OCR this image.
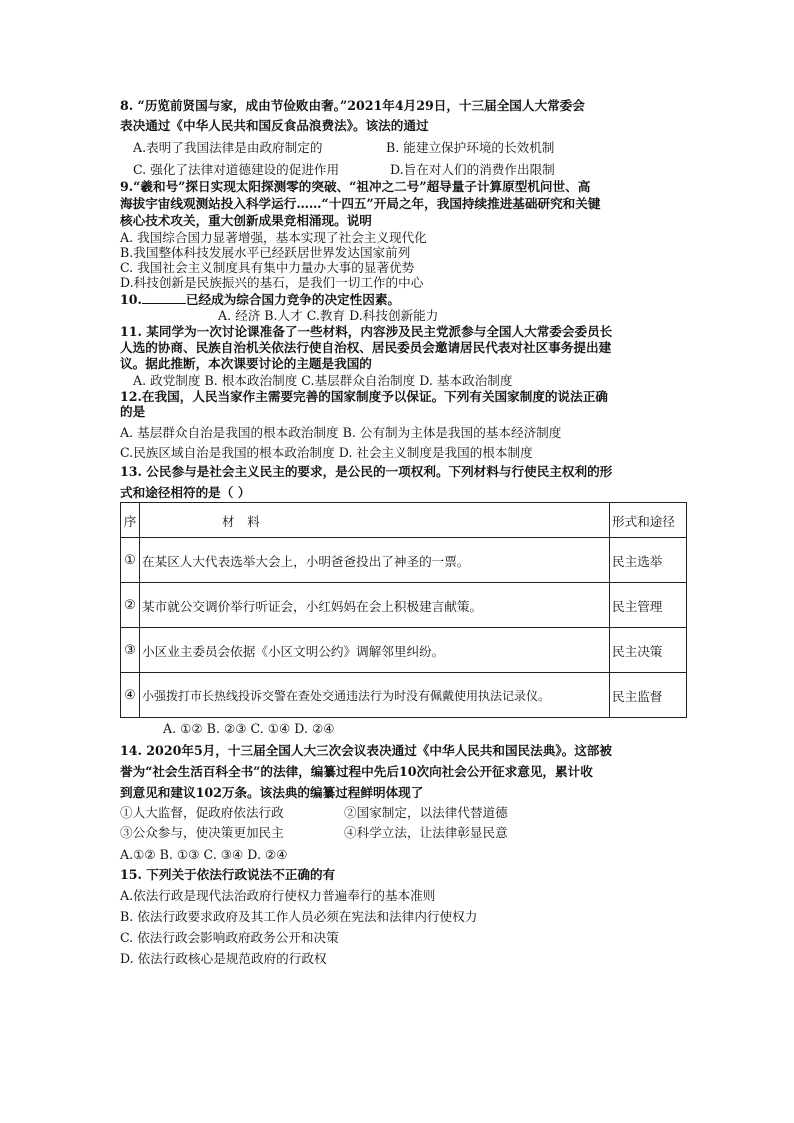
8. “历览前贤国与家，成由节俭败由奢。”2021年4月29日，十三届全国人大常委会
表决通过《中华人民共和国反食品浪费法》。该法的通过
A.表明了我国法律是由政府制定的	B. 能建立保护环境的长效机制
C. 强化了法律对道德建设的促进作用	D.旨在对人们的消费作出限制
9.“羲和号”探日实现太阳探测零的突破、“祖冲之二号”超导量子计算原型机问世、高
海拔宇宙线观测站投入科学运行……“十四五”开局之年，我国持续推进基础研究和关键
核心技术攻关，重大创新成果竞相涌现。说明
A. 我国综合国力显著增强，基本实现了社会主义现代化
B.我国整体科技发展水平已经跃居世界发达国家前列
C. 我国社会主义制度具有集中力量办大事的显著优势
D.科技创新是民族振兴的基石，是我们一切工作的中心
10.	已经成为综合国力竞争的决定性因素。
A. 经济 B.人才 C.教育 D.科技创新能力
11. 某同学为一次讨论课准备了一些材料，内容涉及民主党派参与全国人大常委会委员长
人选的协商、民族自治机关依法行使自治权、居民委员会邀请居民代表对社区事务提出建
议。据此推断，本次课要讨论的主题是我国的
A. 政党制度 B. 根本政治制度 C.基层群众自治制度 D. 基本政治制度
12.在我国，人民当家作主需要完善的国家制度予以保证。下列有关国家制度的说法正确
的是
A. 基层群众自治是我国的根本政治制度 B. 公有制为主体是我国的基本经济制度
C.民族区域自治是我国的根本政治制度 D. 社会主义制度是我国的根本制度
13. 公民参与是社会主义民主的要求，是公民的一项权利。下列材料与行使民主权利的形
式和途径相符的是（ ）
序	材　料	形式和途径
①	在某区人大代表选举大会上，小明爸爸投出了神圣的一票。	民主选举
②	某市就公交调价举行听证会，小红妈妈在会上积极建言献策。	民主管理
③	小区业主委员会依据《小区文明公约》调解邻里纠纷。	民主决策
④	小强拨打市长热线投诉交警在查处交通违法行为时没有佩戴使用执法记录仪。	民主监督
A. ①② B. ②③ C. ①④ D. ②④
14. 2020年5月，十三届全国人大三次会议表决通过《中华人民共和国民法典》。这部被
誉为“社会生活百科全书”的法律，编纂过程中先后10次向社会公开征求意见，累计收
到意见和建议102万条。该法典的编纂过程鲜明体现了
①人大监督，促政府依法行政	②国家制定，以法律代替道德
③公众参与，使决策更加民主	④科学立法，让法律彰显民意
A.①② B. ①③ C. ③④ D. ②④
15. 下列关于依法行政说法不正确的有
A.依法行政是现代法治政府行使权力普遍奉行的基本准则
B. 依法行政要求政府及其工作人员必须在宪法和法律内行使权力
C. 依法行政会影响政府政务公开和决策
D. 依法行政核心是规范政府的行政权
